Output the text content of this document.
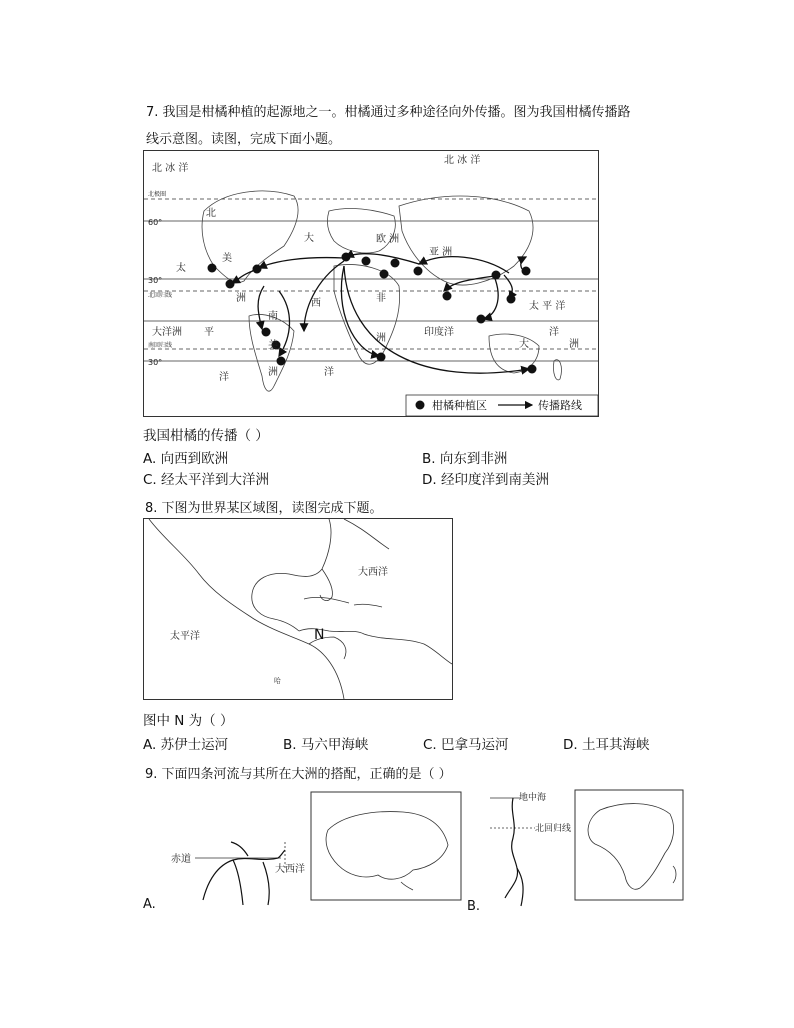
7. 我国是柑橘种植的起源地之一。柑橘通过多种途径向外传播。图为我国柑橘传播路
线示意图。读图，完成下面小题。
北 冰 洋
北 冰 洋
北极圈
60°
30°
北回归线
南回归线
30°
北
大
美
太
洲	西
南
美
洲
大洋洲 平
洋	洋
欧 洲
亚 洲
非
洲
印度洋
太 平 洋
大	洲
洋
柑橘种植区	传播路线
我国柑橘的传播（ ）
A. 向西到欧洲	B. 向东到非洲
C. 经太平洋到大洋洲	D. 经印度洋到南美洲
8. 下图为世界某区域图，读图完成下题。
大西洋
太平洋	N
哈
图中 N 为（ ）
A. 苏伊士运河	B. 马六甲海峡	C. 巴拿马运河	D. 土耳其海峡
9. 下面四条河流与其所在大洲的搭配，正确的是（ ）
赤道
大西洋
A.
地中海
北回归线
B.
